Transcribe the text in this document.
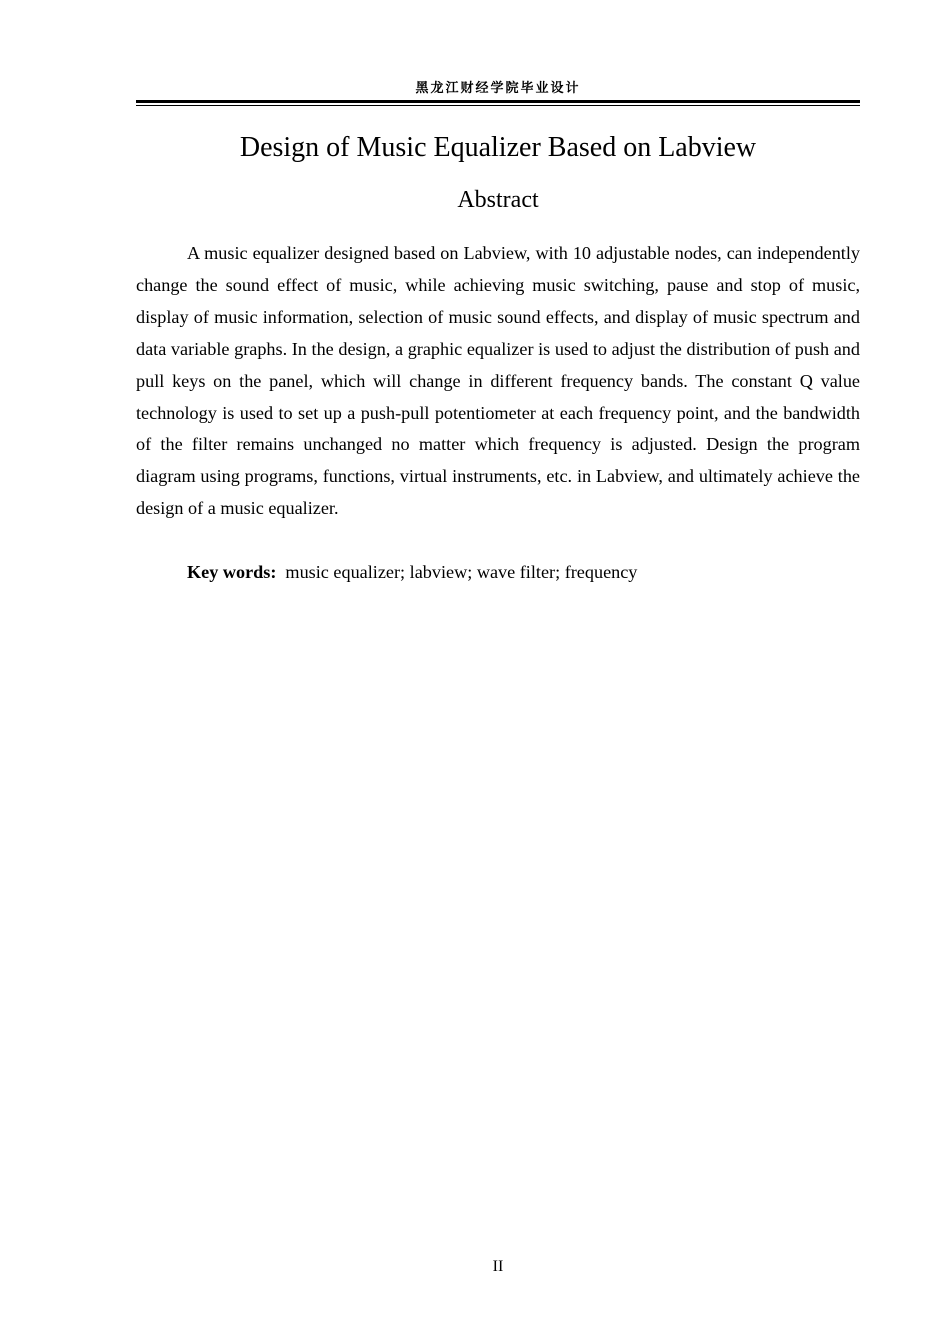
黑龙江财经学院毕业设计
Design of Music Equalizer Based on Labview
Abstract

A music equalizer designed based on Labview, with 10 adjustable nodes, can independently change the sound effect of music, while achieving music switching, pause and stop of music, display of music information, selection of music sound effects, and display of music spectrum and data variable graphs. In the design, a graphic equalizer is used to adjust the distribution of push and pull keys on the panel, which will change in different frequency bands. The constant Q value technology is used to set up a push-pull potentiometer at each frequency point, and the bandwidth of the filter remains unchanged no matter which frequency is adjusted. Design the program diagram using programs, functions, virtual instruments, etc. in Labview, and ultimately achieve the design of a music equalizer.

Key words: music equalizer; labview; wave filter; frequency
II
